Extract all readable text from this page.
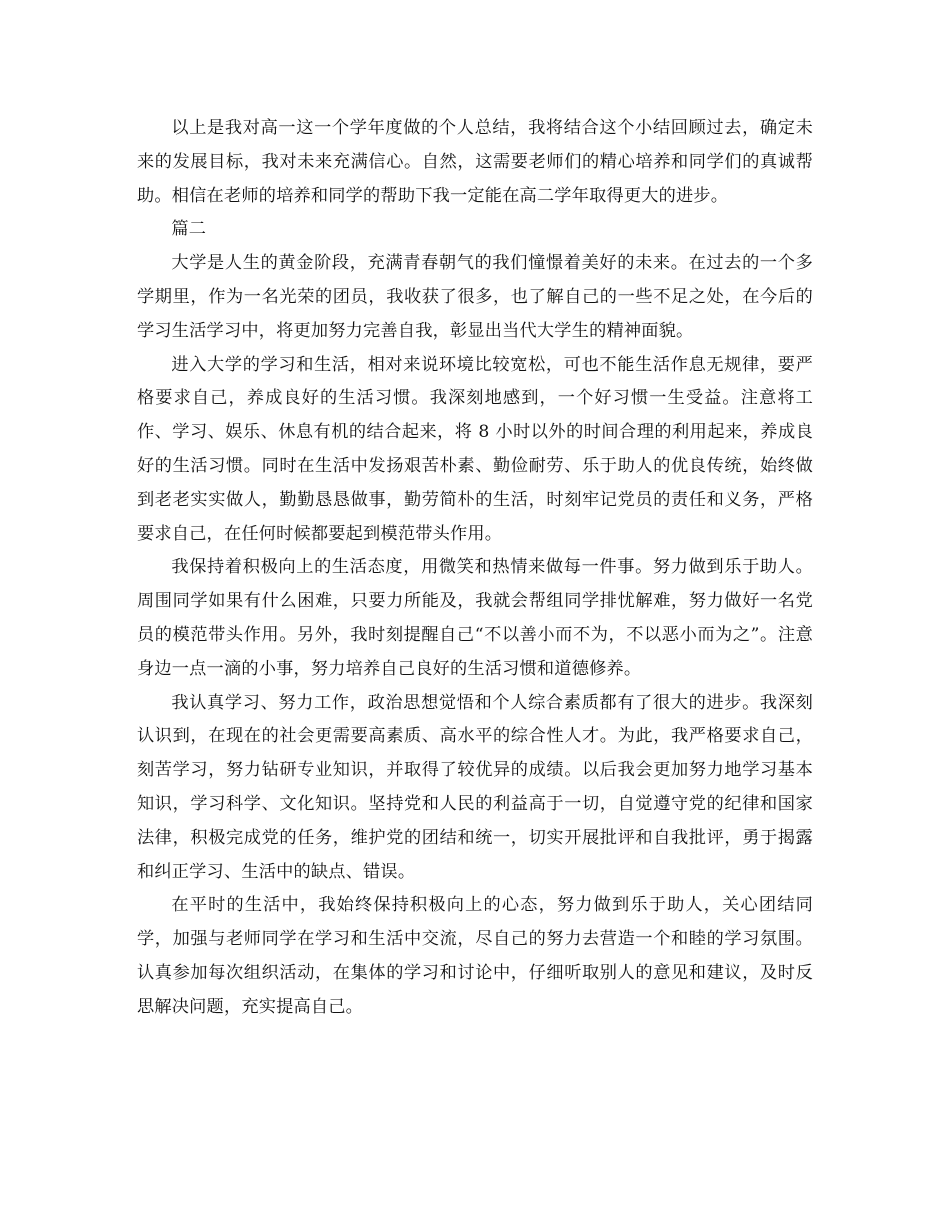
以上是我对高一这一个学年度做的个人总结，我将结合这个小结回顾过去，确定未来的发展目标，我对未来充满信心。自然，这需要老师们的精心培养和同学们的真诚帮助。相信在老师的培养和同学的帮助下我一定能在高二学年取得更大的进步。

篇二

大学是人生的黄金阶段，充满青春朝气的我们憧憬着美好的未来。在过去的一个多学期里，作为一名光荣的团员，我收获了很多，也了解自己的一些不足之处，在今后的学习生活学习中，将更加努力完善自我，彰显出当代大学生的精神面貌。

进入大学的学习和生活，相对来说环境比较宽松，可也不能生活作息无规律，要严格要求自己，养成良好的生活习惯。我深刻地感到，一个好习惯一生受益。注意将工作、学习、娱乐、休息有机的结合起来，将 8 小时以外的时间合理的利用起来，养成良好的生活习惯。同时在生活中发扬艰苦朴素、勤俭耐劳、乐于助人的优良传统，始终做到老老实实做人，勤勤恳恳做事，勤劳简朴的生活，时刻牢记党员的责任和义务，严格要求自己，在任何时候都要起到模范带头作用。

我保持着积极向上的生活态度，用微笑和热情来做每一件事。努力做到乐于助人。周围同学如果有什么困难，只要力所能及，我就会帮组同学排忧解难，努力做好一名党员的模范带头作用。另外，我时刻提醒自己“不以善小而不为，不以恶小而为之”。注意身边一点一滴的小事，努力培养自己良好的生活习惯和道德修养。

我认真学习、努力工作，政治思想觉悟和个人综合素质都有了很大的进步。我深刻认识到，在现在的社会更需要高素质、高水平的综合性人才。为此，我严格要求自己，刻苦学习，努力钻研专业知识，并取得了较优异的成绩。以后我会更加努力地学习基本知识，学习科学、文化知识。坚持党和人民的利益高于一切，自觉遵守党的纪律和国家法律，积极完成党的任务，维护党的团结和统一，切实开展批评和自我批评，勇于揭露和纠正学习、生活中的缺点、错误。

在平时的生活中，我始终保持积极向上的心态，努力做到乐于助人，关心团结同学，加强与老师同学在学习和生活中交流，尽自己的努力去营造一个和睦的学习氛围。认真参加每次组织活动，在集体的学习和讨论中，仔细听取别人的意见和建议，及时反思解决问题，充实提高自己。
